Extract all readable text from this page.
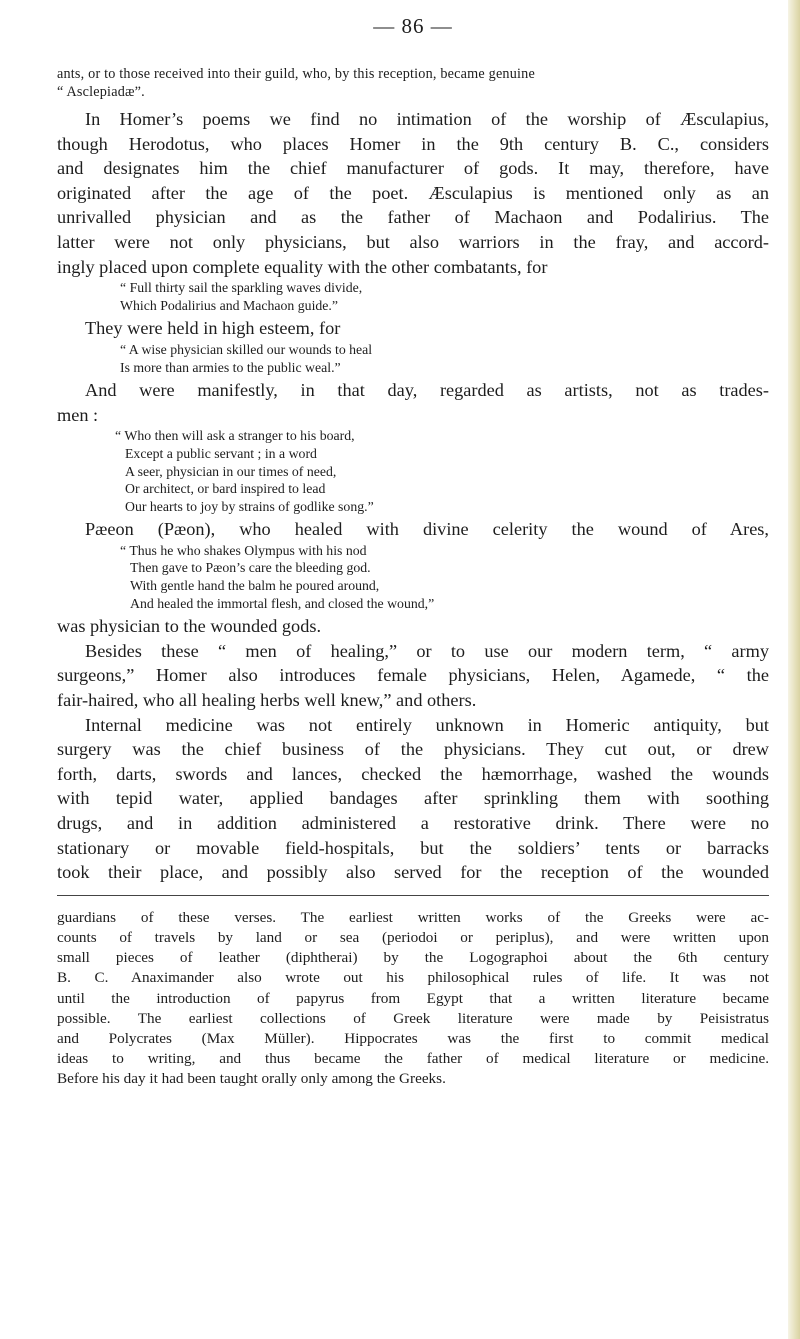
— 86 —

ants, or to those received into their guild, who, by this reception, became genuine
“ Asclepiadæ”.

In Homer’s poems we find no intimation of the worship of Æsculapius,
though Herodotus, who places Homer in the 9th century B. C., considers
and designates him the chief manufacturer of gods. It may, therefore, have
originated after the age of the poet. Æsculapius is mentioned only as an
unrivalled physician and as the father of Machaon and Podalirius. The
latter were not only physicians, but also warriors in the fray, and accord-
ingly placed upon complete equality with the other combatants, for

“ Full thirty sail the sparkling waves divide,
Which Podalirius and Machaon guide.”

They were held in high esteem, for

“ A wise physician skilled our wounds to heal
Is more than armies to the public weal.”

And were manifestly, in that day, regarded as artists, not as trades-
men :

“ Who then will ask a stranger to his board,
Except a public servant ; in a word
A seer, physician in our times of need,
Or architect, or bard inspired to lead
Our hearts to joy by strains of godlike song.”

Pæeon (Pæon), who healed with divine celerity the wound of Ares,

“ Thus he who shakes Olympus with his nod
Then gave to Pæon’s care the bleeding god.
With gentle hand the balm he poured around,
And healed the immortal flesh, and closed the wound,”

was physician to the wounded gods.

Besides these “ men of healing,” or to use our modern term, “ army
surgeons,” Homer also introduces female physicians, Helen, Agamede, “ the
fair-haired, who all healing herbs well knew,” and others.

Internal medicine was not entirely unknown in Homeric antiquity, but
surgery was the chief business of the physicians. They cut out, or drew
forth, darts, swords and lances, checked the hæmorrhage, washed the wounds
with tepid water, applied bandages after sprinkling them with soothing
drugs, and in addition administered a restorative drink. There were no
stationary or movable field-hospitals, but the soldiers’ tents or barracks
took their place, and possibly also served for the reception of the wounded

guardians of these verses. The earliest written works of the Greeks were ac-
counts of travels by land or sea (periodoi or periplus), and were written upon
small pieces of leather (diphtherai) by the Logographoi about the 6th century
B. C. Anaximander also wrote out his philosophical rules of life. It was not
until the introduction of papyrus from Egypt that a written literature became
possible. The earliest collections of Greek literature were made by Peisistratus
and Polycrates (Max Müller). Hippocrates was the first to commit medical
ideas to writing, and thus became the father of medical literature or medicine.
Before his day it had been taught orally only among the Greeks.
